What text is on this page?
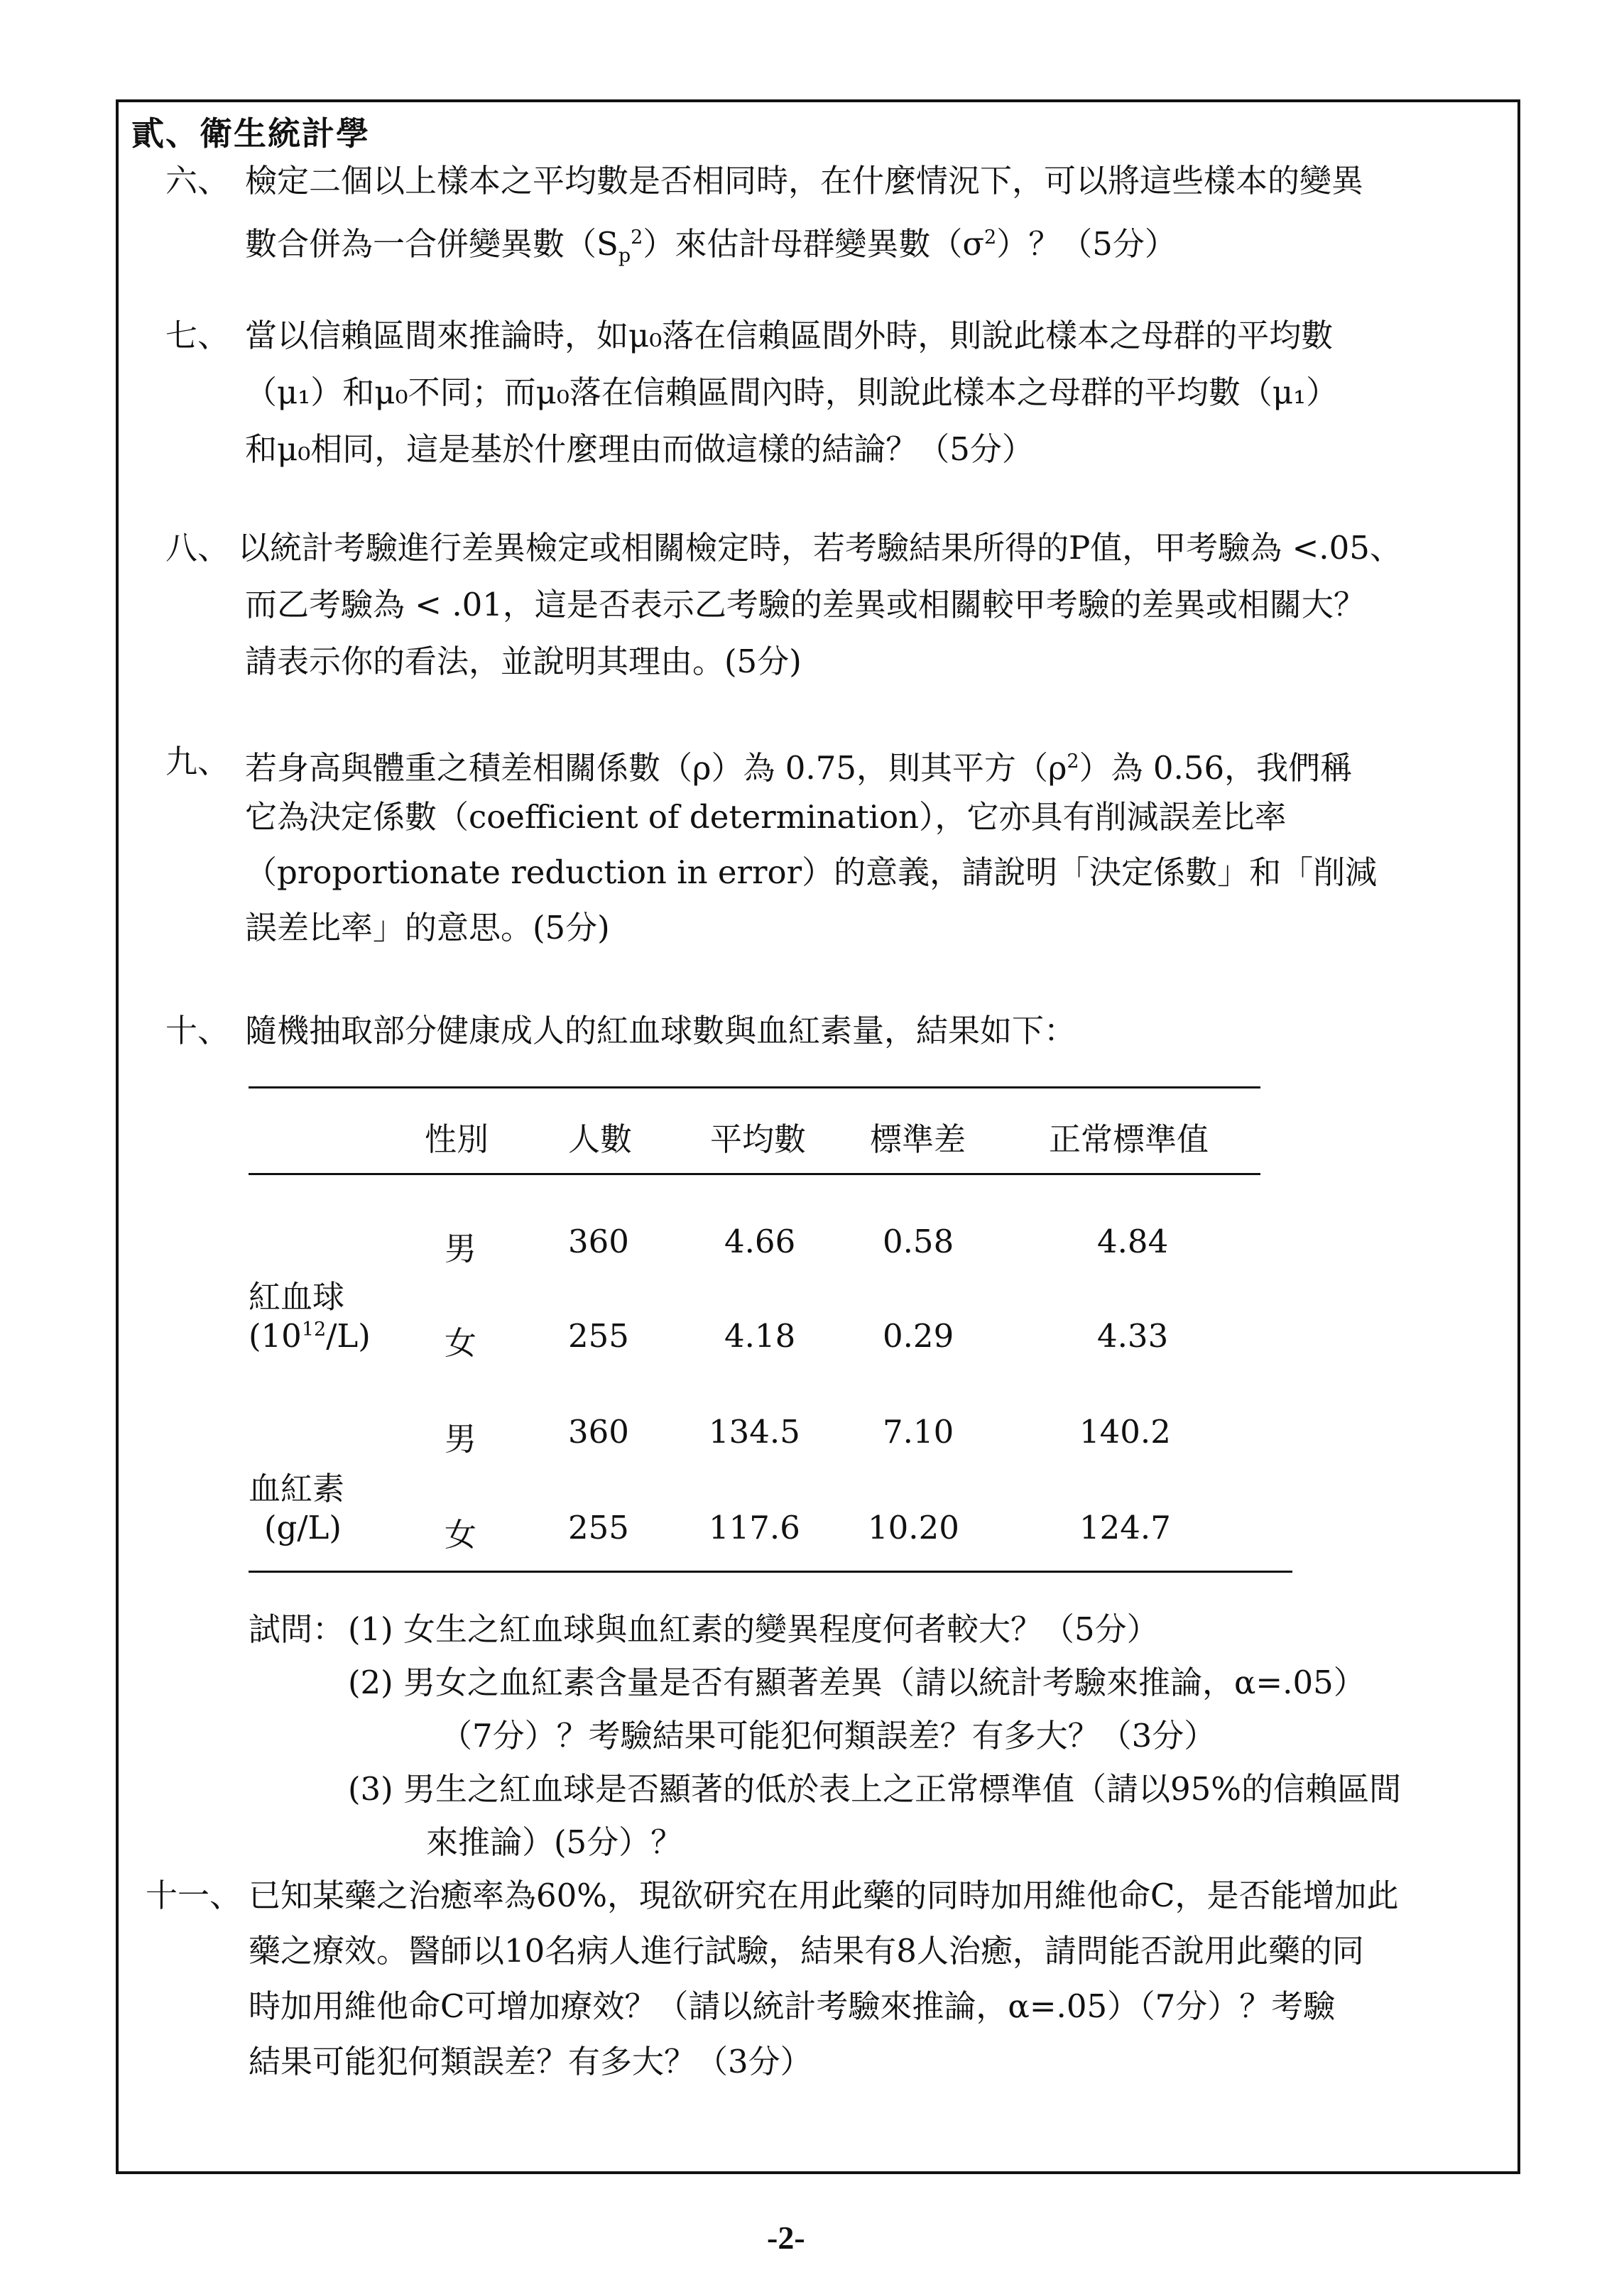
貳、衛生統計學
六、 檢定二個以上樣本之平均數是否相同時，在什麼情況下，可以將這些樣本的變異
數合併為一合併變異數$(S_p^2)$來估計母群變異數$(\sigma^2)$？（5分）
七、 當以信賴區間來推論時，如μ₀落在信賴區間外時，則說此樣本之母群的平均數
（μ₁）和μ₀不同；而μ₀落在信賴區間內時，則說此樣本之母群的平均數（μ₁）
和μ₀相同，這是基於什麼理由而做這樣的結論？（5分）
八、 以統計考驗進行差異檢定或相關檢定時，若考驗結果所得的P值，甲考驗為 <.05、
而乙考驗為 < .01，這是否表示乙考驗的差異或相關較甲考驗的差異或相關大？
請表示你的看法，並說明其理由。(5分)
九、 若身高與體重之積差相關係數（ρ）為 0.75，則其平方$(\rho^2)$為 0.56，我們稱
它為決定係數（coefficient of determination），它亦具有削減誤差比率
（proportionate reduction in error）的意義，請說明「決定係數」和「削減
誤差比率」的意思。(5分)
十、 隨機抽取部分健康成人的紅血球數與血紅素量，結果如下：
性別 人數 平均數 標準差	正常標準值
紅血球
$(10^{12}/L)$
男	360	4.66	0.58	4.84
女	255	4.18	0.29	4.33
血紅素
(g/L)
男	360 134.5	7.10	140.2
女	255 117.6 10.20	124.7
試問： (1) 女生之紅血球與血紅素的變異程度何者較大？（5分）
(2) 男女之血紅素含量是否有顯著差異（請以統計考驗來推論，α=.05）
（7分）？考驗結果可能犯何類誤差？有多大？（3分）
(3) 男生之紅血球是否顯著的低於表上之正常標準值（請以95%的信賴區間
來推論）(5分）？
十一、 已知某藥之治癒率為60%，現欲研究在用此藥的同時加用維他命C，是否能增加此
藥之療效。醫師以10名病人進行試驗，結果有8人治癒，請問能否說用此藥的同
時加用維他命C可增加療效？（請以統計考驗來推論，α=.05）（7分）？考驗
結果可能犯何類誤差？有多大？（3分）
-2-
